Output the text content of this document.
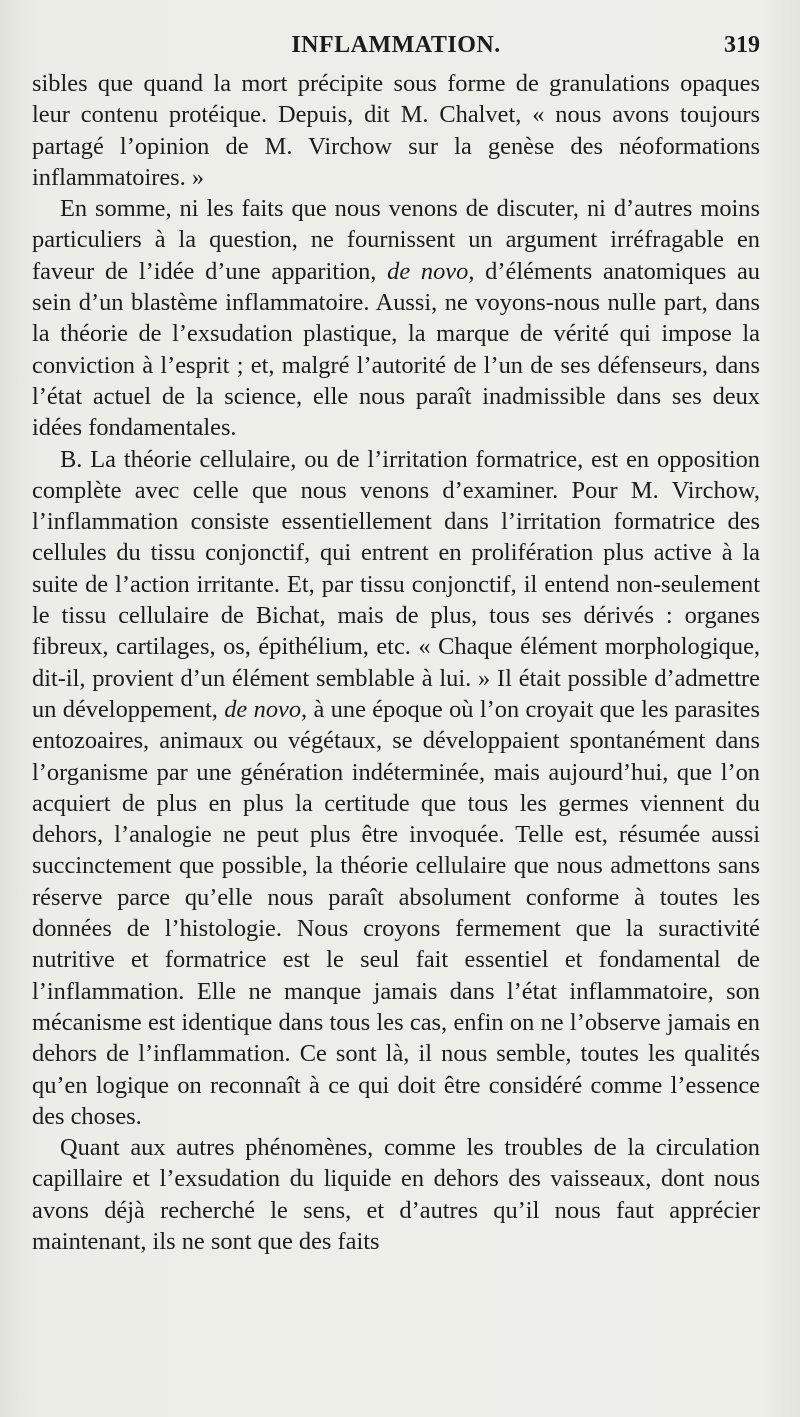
INFLAMMATION.	319

sibles que quand la mort précipite sous forme de granulations opaques leur contenu protéique. Depuis, dit M. Chalvet, « nous avons toujours partagé l’opinion de M. Virchow sur la genèse des néoformations inflammatoires. »

En somme, ni les faits que nous venons de discuter, ni d’autres moins particuliers à la question, ne fournissent un argument irréfragable en faveur de l’idée d’une apparition, de novo, d’éléments anatomiques au sein d’un blastème inflammatoire. Aussi, ne voyons-nous nulle part, dans la théorie de l’exsudation plastique, la marque de vérité qui impose la conviction à l’esprit ; et, malgré l’autorité de l’un de ses défenseurs, dans l’état actuel de la science, elle nous paraît inadmissible dans ses deux idées fondamentales.

B. La théorie cellulaire, ou de l’irritation formatrice, est en opposition complète avec celle que nous venons d’examiner. Pour M. Virchow, l’inflammation consiste essentiellement dans l’irritation formatrice des cellules du tissu conjonctif, qui entrent en prolifération plus active à la suite de l’action irritante. Et, par tissu conjonctif, il entend non-seulement le tissu cellulaire de Bichat, mais de plus, tous ses dérivés : organes fibreux, cartilages, os, épithélium, etc. « Chaque élément morphologique, dit-il, provient d’un élément semblable à lui. » Il était possible d’admettre un développement, de novo, à une époque où l’on croyait que les parasites entozoaires, animaux ou végétaux, se développaient spontanément dans l’organisme par une génération indéterminée, mais aujourd’hui, que l’on acquiert de plus en plus la certitude que tous les germes viennent du dehors, l’analogie ne peut plus être invoquée. Telle est, résumée aussi succinctement que possible, la théorie cellulaire que nous admettons sans réserve parce qu’elle nous paraît absolument conforme à toutes les données de l’histologie. Nous croyons fermement que la suractivité nutritive et formatrice est le seul fait essentiel et fondamental de l’inflammation. Elle ne manque jamais dans l’état inflammatoire, son mécanisme est identique dans tous les cas, enfin on ne l’observe jamais en dehors de l’inflammation. Ce sont là, il nous semble, toutes les qualités qu’en logique on reconnaît à ce qui doit être considéré comme l’essence des choses.

Quant aux autres phénomènes, comme les troubles de la circulation capillaire et l’exsudation du liquide en dehors des vaisseaux, dont nous avons déjà recherché le sens, et d’autres qu’il nous faut apprécier maintenant, ils ne sont que des faits
